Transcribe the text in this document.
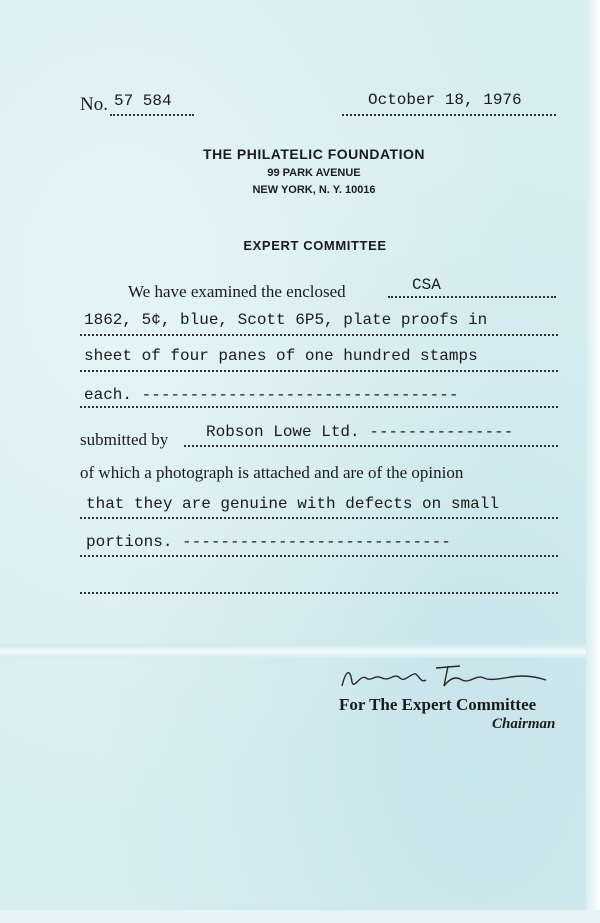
No. 57 584	October 18, 1976
THE PHILATELIC FOUNDATION
99 PARK AVENUE
NEW YORK, N. Y. 10016
EXPERT COMMITTEE
We have examined the enclosed	CSA
1862, 5¢, blue, Scott 6P5, plate proofs in
sheet of four panes of one hundred stamps
each. ---------------------------------
submitted by Robson Lowe Ltd. ---------------
of which a photograph is attached and are of the opinion
that they are genuine with defects on small
portions. ----------------------------
For The Expert Committee
Chairman
